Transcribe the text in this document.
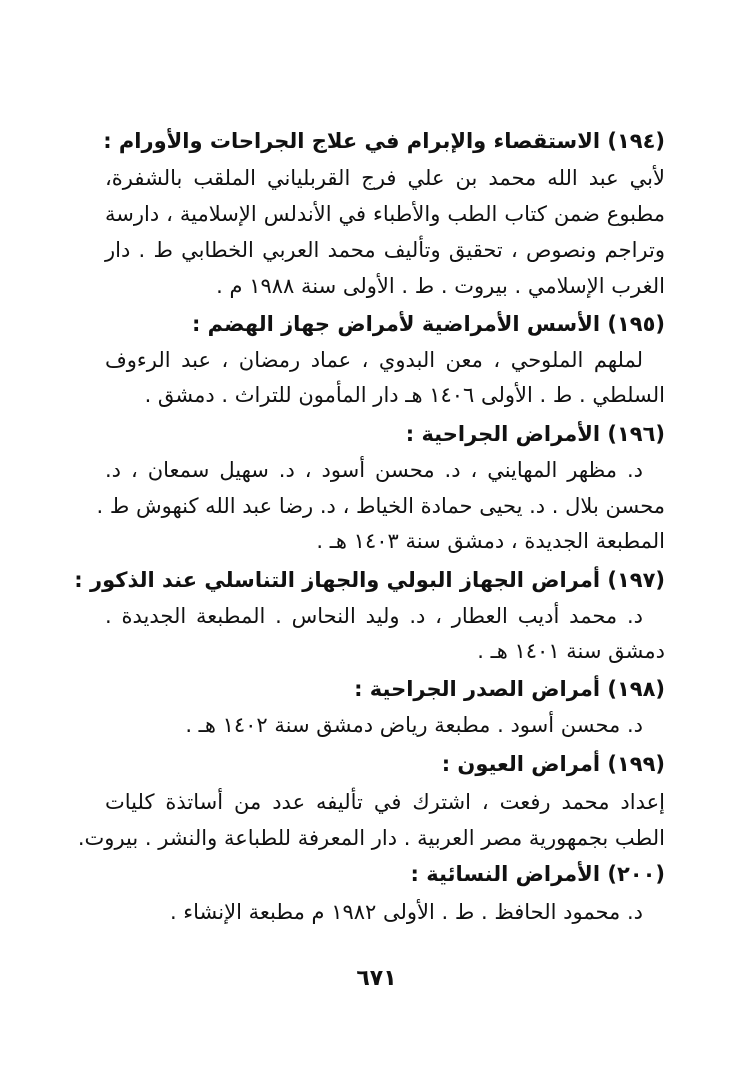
(١٩٤) الاستقصاء والإبرام في علاج الجراحات والأورام :
لأبي عبد الله محمد بن علي فرج القربلياني الملقب بالشفرة،
مطبوع ضمن كتاب الطب والأطباء في الأندلس الإسلامية ، دارسة
وتراجم ونصوص ، تحقيق وتأليف محمد العربي الخطابي ط . دار
الغرب الإسلامي . بيروت . ط . الأولى سنة ١٩٨٨ م .
(١٩٥) الأسس الأمراضية لأمراض جهاز الهضم :
لملهم الملوحي ، معن البدوي ، عماد رمضان ، عبد الرءوف
السلطي . ط . الأولى ١٤٠٦ هـ دار المأمون للتراث . دمشق .
(١٩٦) الأمراض الجراحية :
د. مظهر المهايني ، د. محسن أسود ، د. سهيل سمعان ، د.
محسن بلال . د. يحيى حمادة الخياط ، د. رضا عبد الله كنهوش ط .
المطبعة الجديدة ، دمشق سنة ١٤٠٣ هـ .
(١٩٧) أمراض الجهاز البولي والجهاز التناسلي عند الذكور :
د. محمد أديب العطار ، د. وليد النحاس . المطبعة الجديدة .
دمشق سنة ١٤٠١ هـ .
(١٩٨) أمراض الصدر الجراحية :
د. محسن أسود . مطبعة رياض دمشق سنة ١٤٠٢ هـ .
(١٩٩) أمراض العيون :
إعداد محمد رفعت ، اشترك في تأليفه عدد من أساتذة كليات
الطب بجمهورية مصر العربية . دار المعرفة للطباعة والنشر . بيروت.
(٢٠٠) الأمراض النسائية :
د. محمود الحافظ . ط . الأولى ١٩٨٢ م مطبعة الإنشاء .
٦٧١
